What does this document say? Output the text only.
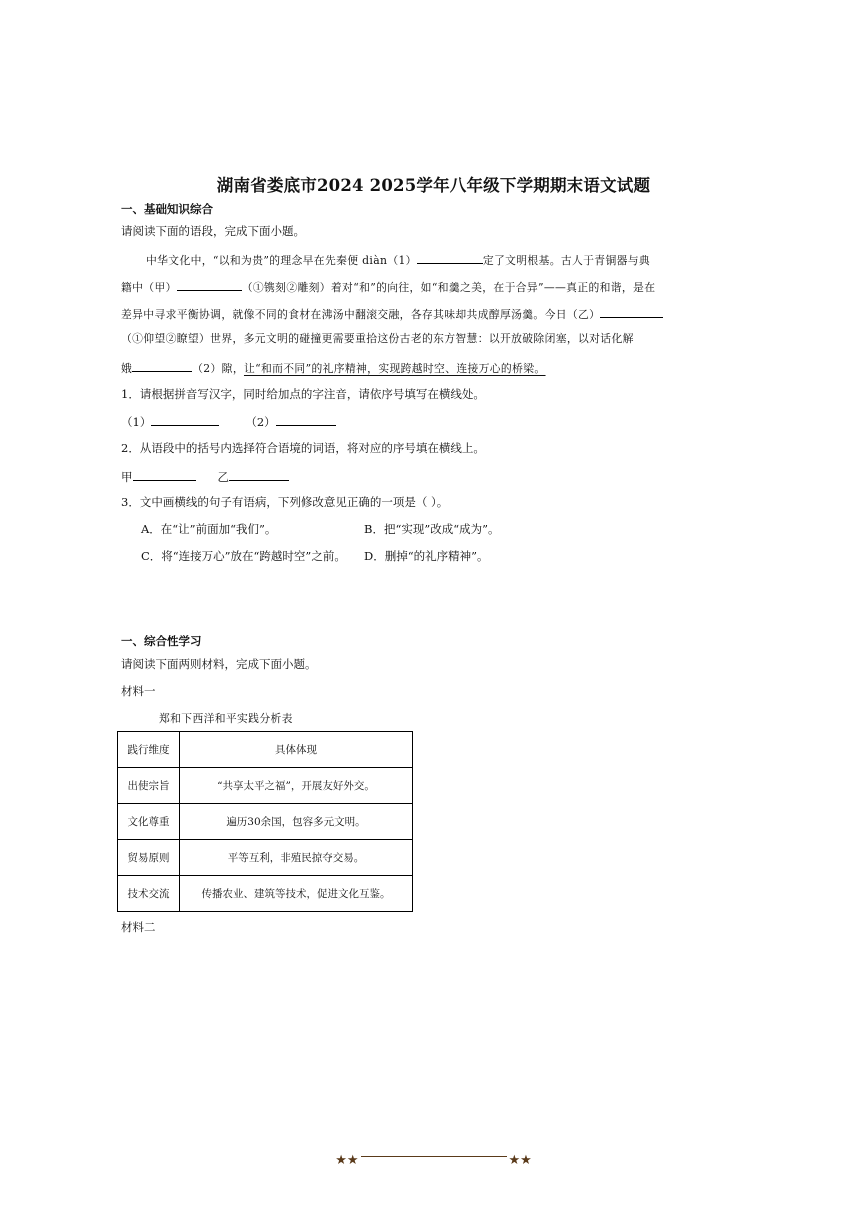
湖南省娄底市2024 2025学年八年级下学期期末语文试题
一、基础知识综合
请阅读下面的语段，完成下面小题。
中华文化中，“以和为贵”的理念早在先秦便 diàn（1）	定了文明根基。古人于青铜器与典
籍中（甲）	（①镌刻②雕刻）着对“和”的向往，如“和羹之美，在于合异”——真正的和谐，是在
差异中寻求平衡协调，就像不同的食材在沸汤中翻滚交融，各存其味却共成醇厚汤羹。今日（乙）
（①仰望②瞭望）世界，多元文明的碰撞更需要重拾这份古老的东方智慧：以开放破除闭塞，以对话化解
娥	（2）隙，让“和而不同”的礼序精神，实现跨越时空、连接万心的桥梁。
1．请根据拼音写汉字，同时给加点的字注音，请依序号填写在横线处。
（1）	（2）
2．从语段中的括号内选择符合语境的词语，将对应的序号填在横线上。
甲	乙
3．文中画横线的句子有语病，下列修改意见正确的一项是（ ）。
A．在“让”前面加“我们”。	B．把“实现”改成“成为”。
C．将“连接万心”放在“跨越时空”之前。 D．删掉“的礼序精神”。
一、综合性学习
请阅读下面两则材料，完成下面小题。
材料一
郑和下西洋和平实践分析表
践行维度	具体体现
出使宗旨	“共享太平之福”，开展友好外交。
文化尊重	遍历30余国，包容多元文明。
贸易原则	平等互利，非殖民掠夺交易。
技术交流	传播农业、建筑等技术，促进文化互鉴。
材料二
★★	★★
